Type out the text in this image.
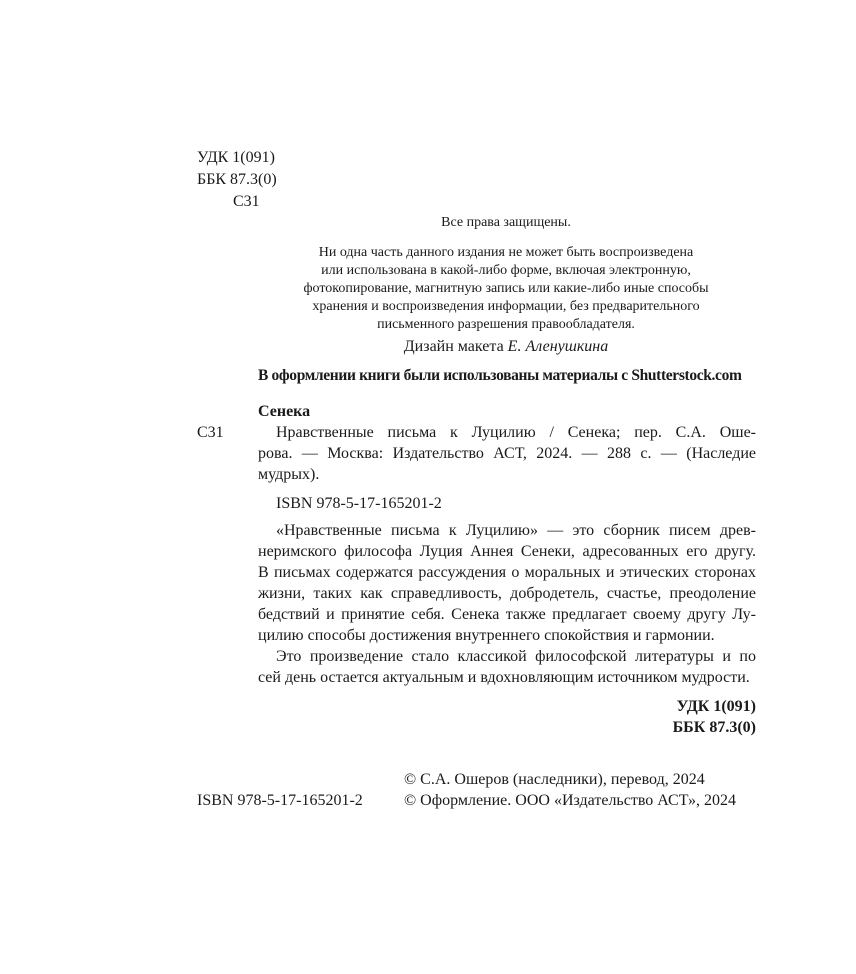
УДК 1(091)
ББК 87.3(0)
С31
Все права защищены.
Ни одна часть данного издания не может быть воспроизведена
или использована в какой-либо форме, включая электронную,
фотокопирование, магнитную запись или какие-либо иные способы
хранения и воспроизведения информации, без предварительного
письменного разрешения правообладателя.
Дизайн макета Е. Аленушкина
В оформлении книги были использованы материалы с Shutterstock.com
Сенека
С31	Нравственные письма к Луцилию / Сенека; пер. С.А. Оше-
рова. — Москва: Издательство АСТ, 2024. — 288 с. — (Наследие
мудрых).
ISBN 978-5-17-165201-2
«Нравственные письма к Луцилию» — это сборник писем древ-
неримского философа Луция Аннея Сенеки, адресованных его другу.
В письмах содержатся рассуждения о моральных и этических сторонах
жизни, таких как справедливость, добродетель, счастье, преодоление
бедствий и принятие себя. Сенека также предлагает своему другу Лу-
цилию способы достижения внутреннего спокойствия и гармонии.
Это произведение стало классикой философской литературы и по
сей день остается актуальным и вдохновляющим источником мудрости.
УДК 1(091)
ББК 87.3(0)
© С.А. Ошеров (наследники), перевод, 2024
ISBN 978-5-17-165201-2	© Оформление. ООО «Издательство АСТ», 2024
